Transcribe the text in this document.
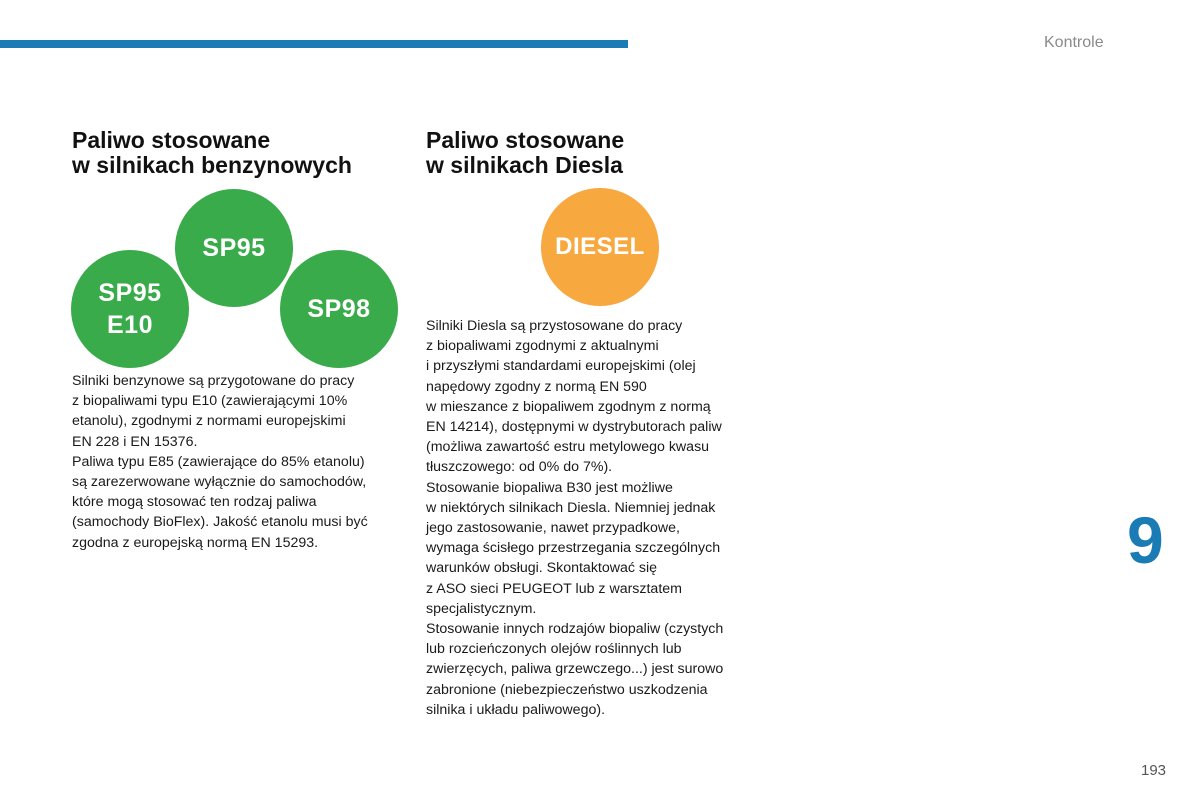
Kontrole
Paliwo stosowane
w silnikach benzynowych
Paliwo stosowane
w silnikach Diesla
SP95
SP95
E10
SP98
DIESEL
Silniki benzynowe są przygotowane do pracy
z biopaliwami typu E10 (zawierającymi 10%
etanolu), zgodnymi z normami europejskimi
EN 228 i EN 15376.
Paliwa typu E85 (zawierające do 85% etanolu)
są zarezerwowane wyłącznie do samochodów,
które mogą stosować ten rodzaj paliwa
(samochody BioFlex). Jakość etanolu musi być
zgodna z europejską normą EN 15293.
Silniki Diesla są przystosowane do pracy
z biopaliwami zgodnymi z aktualnymi
i przyszłymi standardami europejskimi (olej
napędowy zgodny z normą EN 590
w mieszance z biopaliwem zgodnym z normą
EN 14214), dostępnymi w dystrybutorach paliw
(możliwa zawartość estru metylowego kwasu
tłuszczowego: od 0% do 7%).
Stosowanie biopaliwa B30 jest możliwe
w niektórych silnikach Diesla. Niemniej jednak
jego zastosowanie, nawet przypadkowe,
wymaga ścisłego przestrzegania szczególnych
warunków obsługi. Skontaktować się
z ASO sieci PEUGEOT lub z warsztatem
specjalistycznym.
Stosowanie innych rodzajów biopaliw (czystych
lub rozcieńczonych olejów roślinnych lub
zwierzęcych, paliwa grzewczego...) jest surowo
zabronione (niebezpieczeństwo uszkodzenia
silnika i układu paliwowego).
9
193
